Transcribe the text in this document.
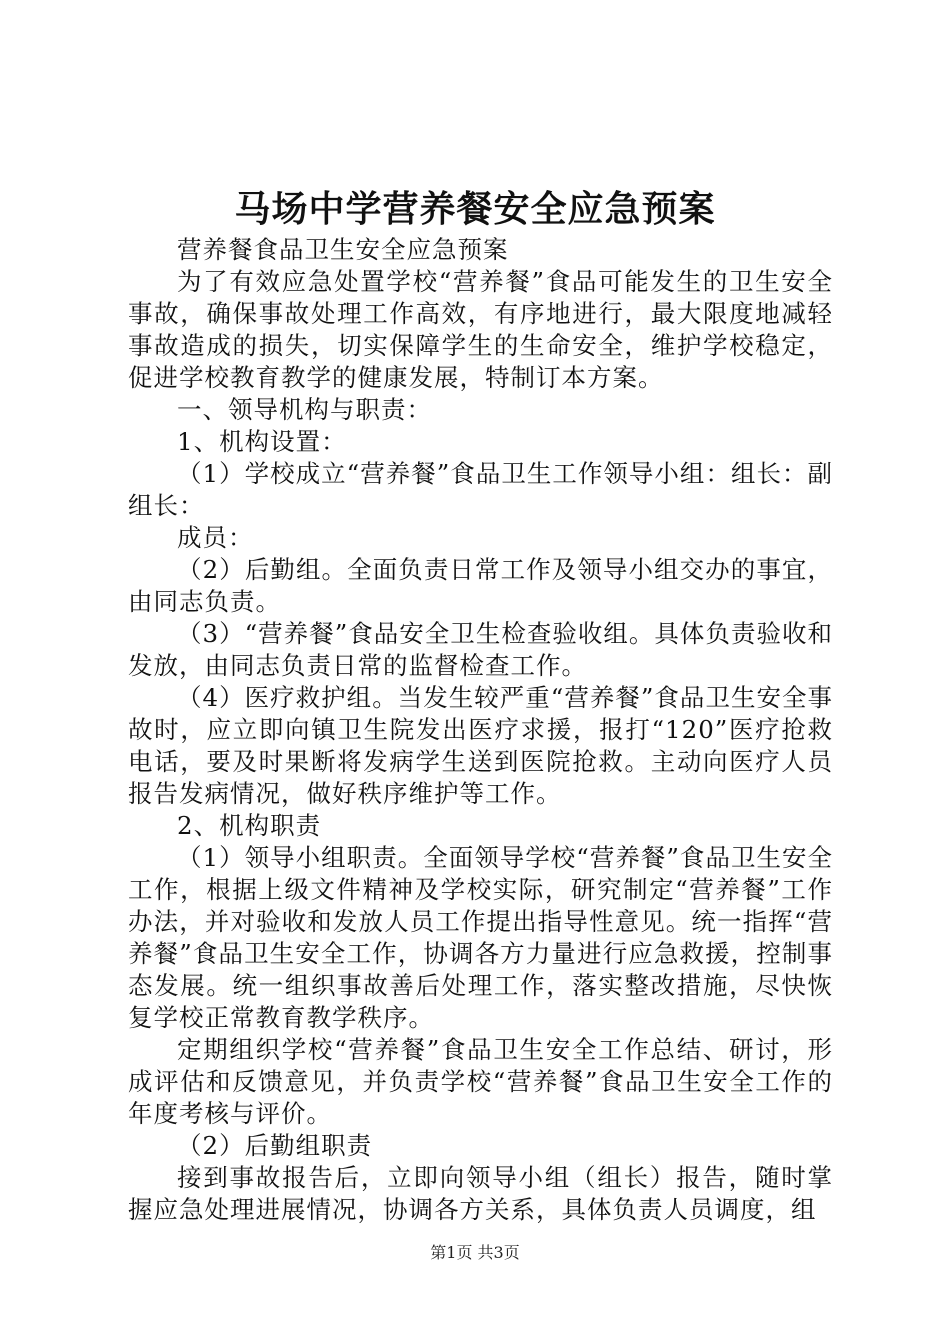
马场中学营养餐安全应急预案

营养餐食品卫生安全应急预案

为了有效应急处置学校“营养餐”食品可能发生的卫生安全事故，确保事故处理工作高效，有序地进行，最大限度地减轻事故造成的损失，切实保障学生的生命安全，维护学校稳定，促进学校教育教学的健康发展，特制订本方案。

一、领导机构与职责：

1、机构设置：

（1）学校成立“营养餐”食品卫生工作领导小组：组长：副组长：

成员：

（2）后勤组。全面负责日常工作及领导小组交办的事宜，由同志负责。

（3）“营养餐”食品安全卫生检查验收组。具体负责验收和发放，由同志负责日常的监督检查工作。

（4）医疗救护组。当发生较严重“营养餐”食品卫生安全事故时，应立即向镇卫生院发出医疗求援，报打“120”医疗抢救电话，要及时果断将发病学生送到医院抢救。主动向医疗人员报告发病情况，做好秩序维护等工作。

2、机构职责

（1）领导小组职责。全面领导学校“营养餐”食品卫生安全工作，根据上级文件精神及学校实际，研究制定“营养餐”工作办法，并对验收和发放人员工作提出指导性意见。统一指挥“营养餐”食品卫生安全工作，协调各方力量进行应急救援，控制事态发展。统一组织事故善后处理工作，落实整改措施，尽快恢复学校正常教育教学秩序。

定期组织学校“营养餐”食品卫生安全工作总结、研讨，形成评估和反馈意见，并负责学校“营养餐”食品卫生安全工作的年度考核与评价。

（2）后勤组职责

接到事故报告后，立即向领导小组（组长）报告，随时掌握应急处理进展情况，协调各方关系，具体负责人员调度，组

第1页 共3页
